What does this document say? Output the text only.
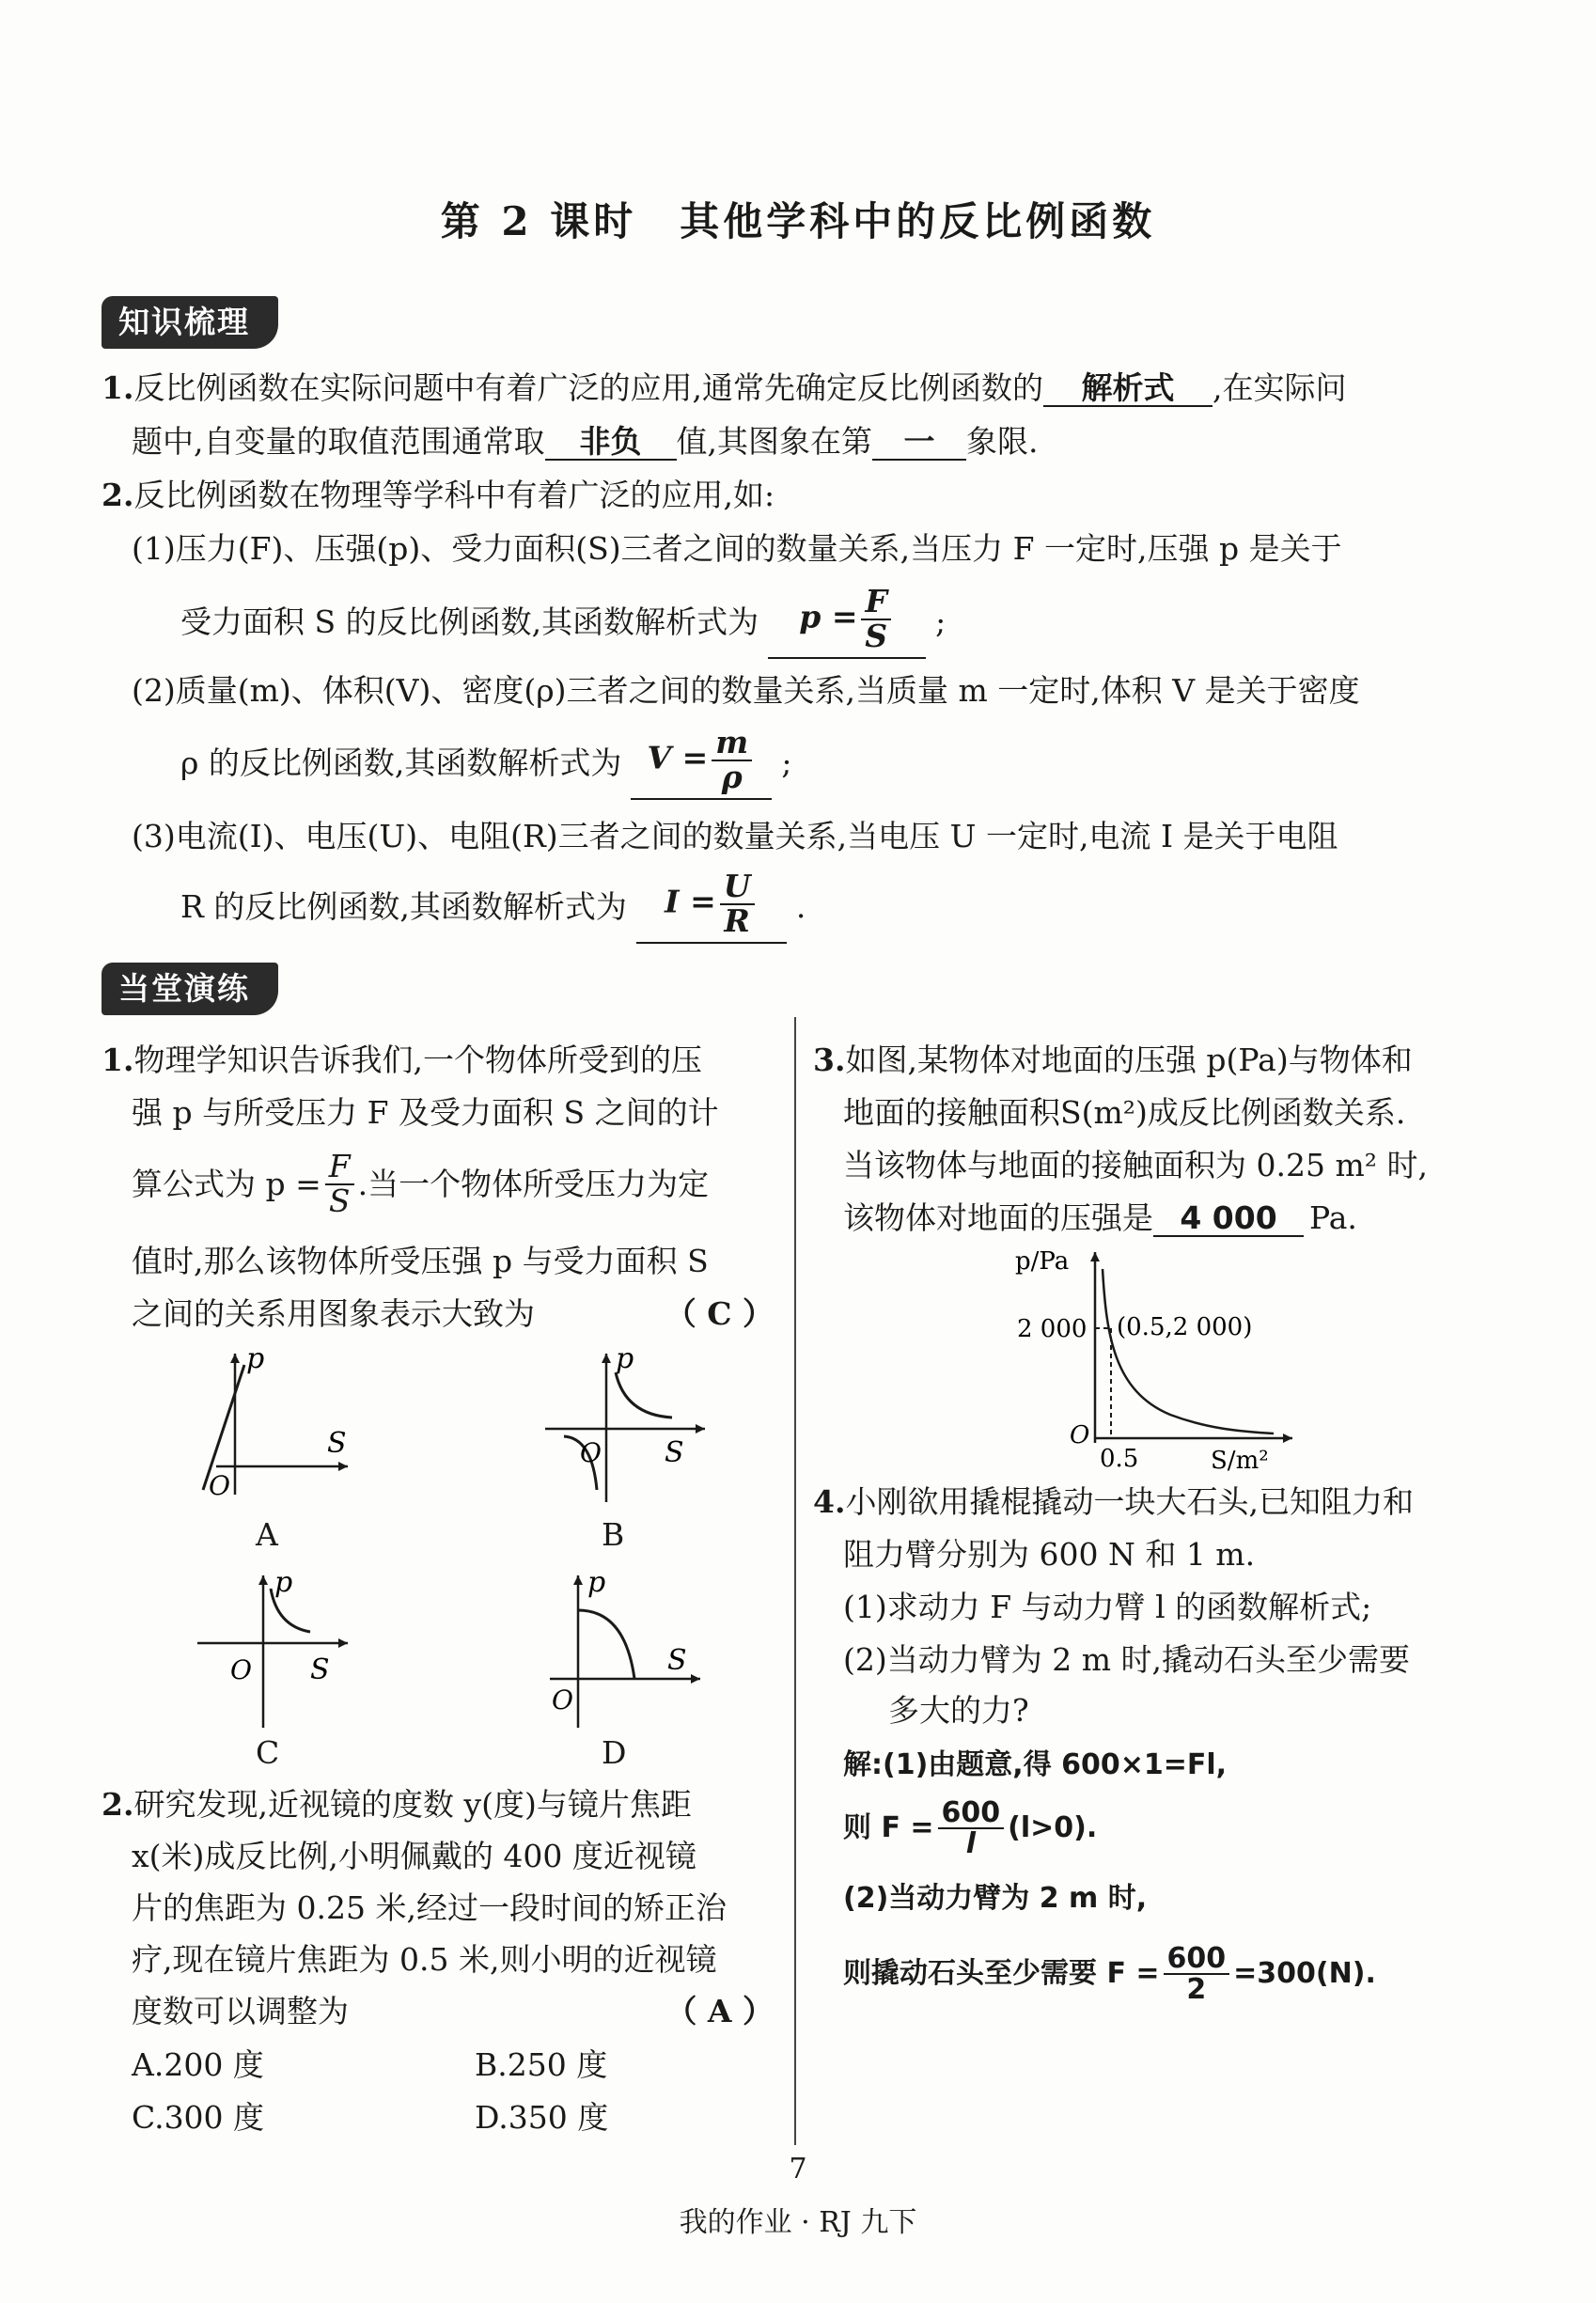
第 2 课时　其他学科中的反比例函数
知识梳理
1.反比例函数在实际问题中有着广泛的应用,通常先确定反比例函数的 解析式 ,在实际问
题中,自变量的取值范围通常取 非负 值,其图象在第 一 象限.
2.反比例函数在物理等学科中有着广泛的应用,如:
(1)压力(F)、压强(p)、受力面积(S)三者之间的数量关系,当压力 F 一定时,压强 p 是关于
受力面积 S 的反比例函数,其函数解析式为	$p = \frac{F}{S}$ ;
(2)质量(m)、体积(V)、密度(ρ)三者之间的数量关系,当质量 m 一定时,体积 V 是关于密度
ρ 的反比例函数,其函数解析式为 $V = \frac{m}{\rho}$ ;
(3)电流(I)、电压(U)、电阻(R)三者之间的数量关系,当电压 U 一定时,电流 I 是关于电阻
R 的反比例函数,其函数解析式为	$I = \frac{U}{R}$ .
当堂演练
1.物理学知识告诉我们,一个物体所受到的压
强 p 与所受压力 F 及受力面积 S 之间的计
算公式为 $p = \frac{F}{S}$ .当一个物体所受压力为定
值时,那么该物体所受压强 p 与受力面积 S
之间的关系用图象表示大致为	（ C ）
p
S
O
A
p
S
O
B
p
S
O
C
p
S
O
D
2.研究发现,近视镜的度数 y(度)与镜片焦距
x(米)成反比例,小明佩戴的 400 度近视镜
片的焦距为 0.25 米,经过一段时间的矫正治
疗,现在镜片焦距为 0.5 米,则小明的近视镜
度数可以调整为	（ A ）
A.200 度	B.250 度
C.300 度	D.350 度
3.如图,某物体对地面的压强 p(Pa)与物体和
地面的接触面积S(m²)成反比例函数关系.
当该物体与地面的接触面积为 0.25 m² 时,
该物体对地面的压强是 4 000 Pa.
p/Pa
S/m²
2 000
0.5
(0.5,2 000)
O
4.小刚欲用撬棍撬动一块大石头,已知阻力和
阻力臂分别为 600 N 和 1 m.
(1)求动力 F 与动力臂 l 的函数解析式;
(2)当动力臂为 2 m 时,撬动石头至少需要
多大的力?
解:(1)由题意,得 600×1=Fl,
则 $F = \frac{600}{l} (l>0)$.
(2)当动力臂为 2 m 时,
则撬动石头至少需要 $F = \frac{600}{2} =300(N)$.
7
我的作业 · RJ 九下
